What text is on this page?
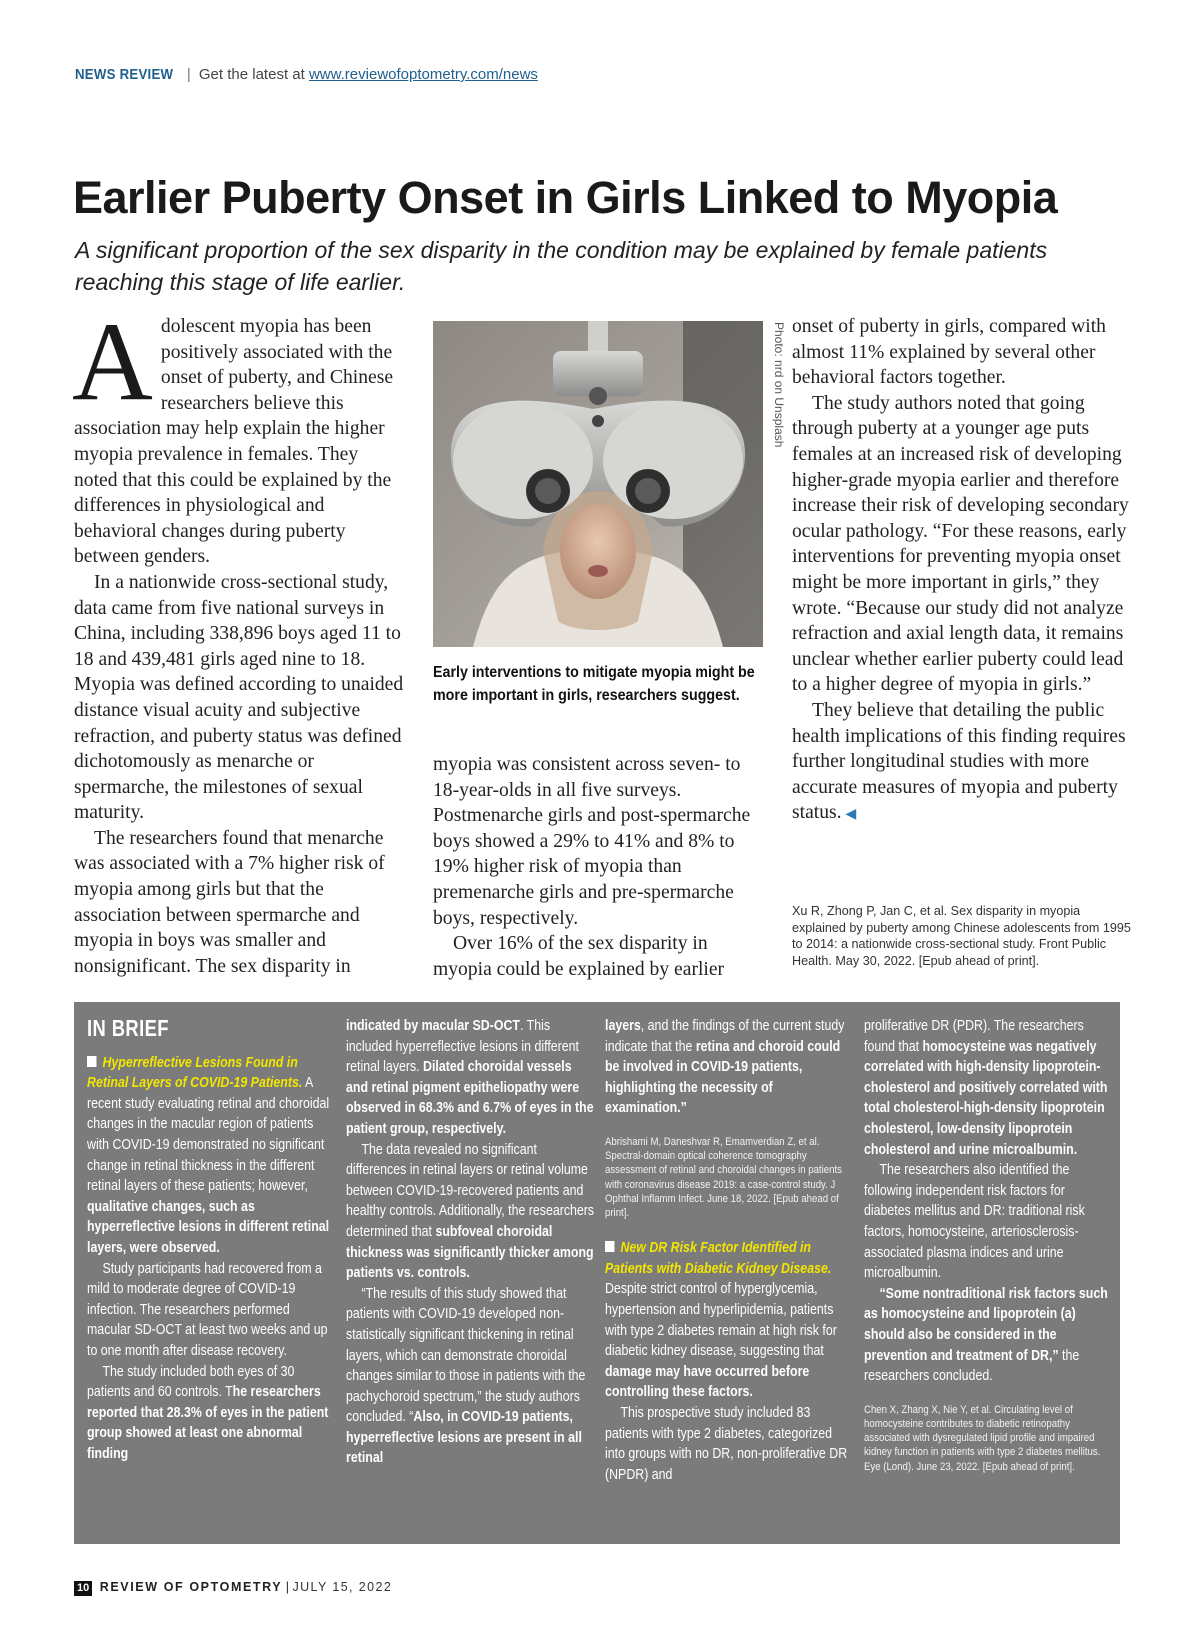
NEWS REVIEW | Get the latest at www.reviewofoptometry.com/news
Earlier Puberty Onset in Girls Linked to Myopia

A significant proportion of the sex disparity in the condition may be explained by female patients reaching this stage of life earlier.

Adolescent myopia has been positively associated with the onset of puberty, and Chinese researchers believe this association may help explain the higher myopia prevalence in females. They noted that this could be explained by the differences in physiological and behavioral changes during puberty between genders.

In a nationwide cross-sectional study, data came from five national surveys in China, including 338,896 boys aged 11 to 18 and 439,481 girls aged nine to 18. Myopia was defined according to unaided distance visual acuity and subjective refraction, and puberty status was defined dichotomously as menarche or spermarche, the milestones of sexual maturity.

The researchers found that menarche was associated with a 7% higher risk of myopia among girls but that the association between spermarche and myopia in boys was smaller and nonsignificant. The sex disparity in

Photo: nrd on Unsplash

Early interventions to mitigate myopia might be more important in girls, researchers suggest.

myopia was consistent across seven- to 18-year-olds in all five surveys. Postmenarche girls and post-spermarche boys showed a 29% to 41% and 8% to 19% higher risk of myopia than premenarche girls and pre-spermarche boys, respectively.

Over 16% of the sex disparity in myopia could be explained by earlier

onset of puberty in girls, compared with almost 11% explained by several other behavioral factors together.

The study authors noted that going through puberty at a younger age puts females at an increased risk of developing higher-grade myopia earlier and therefore increase their risk of developing secondary ocular pathology. “For these reasons, early interventions for preventing myopia onset might be more important in girls,” they wrote. “Because our study did not analyze refraction and axial length data, it remains unclear whether earlier puberty could lead to a higher degree of myopia in girls.”

They believe that detailing the public health implications of this finding requires further longitudinal studies with more accurate measures of myopia and puberty status. ◀

Xu R, Zhong P, Jan C, et al. Sex disparity in myopia explained by puberty among Chinese adolescents from 1995 to 2014: a nationwide cross-sectional study. Front Public Health. May 30, 2022. [Epub ahead of print].
IN BRIEF

Hyperreflective Lesions Found in Retinal Layers of COVID-19 Patients. A recent study evaluating retinal and choroidal changes in the macular region of patients with COVID-19 demonstrated no significant change in retinal thickness in the different retinal layers of these patients; however, qualitative changes, such as hyperreflective lesions in different retinal layers, were observed.

Study participants had recovered from a mild to moderate degree of COVID-19 infection. The researchers performed macular SD-OCT at least two weeks and up to one month after disease recovery.

The study included both eyes of 30 patients and 60 controls. The researchers reported that 28.3% of eyes in the patient group showed at least one abnormal finding

indicated by macular SD-OCT. This included hyperreflective lesions in different retinal layers. Dilated choroidal vessels and retinal pigment epitheliopathy were observed in 68.3% and 6.7% of eyes in the patient group, respectively.

The data revealed no significant differences in retinal layers or retinal volume between COVID-19-recovered patients and healthy controls. Additionally, the researchers determined that subfoveal choroidal thickness was significantly thicker among patients vs. controls.

“The results of this study showed that patients with COVID-19 developed non-statistically significant thickening in retinal layers, which can demonstrate choroidal changes similar to those in patients with the pachychoroid spectrum,” the study authors concluded. “Also, in COVID-19 patients, hyperreflective lesions are present in all retinal

layers, and the findings of the current study indicate that the retina and choroid could be involved in COVID-19 patients, highlighting the necessity of examination.”

Abrishami M, Daneshvar R, Emamverdian Z, et al. Spectral-domain optical coherence tomography assessment of retinal and choroidal changes in patients with coronavirus disease 2019: a case-control study. J Ophthal Inflamm Infect. June 18, 2022. [Epub ahead of print].

New DR Risk Factor Identified in Patients with Diabetic Kidney Disease. Despite strict control of hyperglycemia, hypertension and hyperlipidemia, patients with type 2 diabetes remain at high risk for diabetic kidney disease, suggesting that damage may have occurred before controlling these factors.

This prospective study included 83 patients with type 2 diabetes, categorized into groups with no DR, non-proliferative DR (NPDR) and

proliferative DR (PDR). The researchers found that homocysteine was negatively correlated with high-density lipoprotein-cholesterol and positively correlated with total cholesterol-high-density lipoprotein cholesterol, low-density lipoprotein cholesterol and urine microalbumin.

The researchers also identified the following independent risk factors for diabetes mellitus and DR: traditional risk factors, homocysteine, arteriosclerosis-associated plasma indices and urine microalbumin.

“Some nontraditional risk factors such as homocysteine and lipoprotein (a) should also be considered in the prevention and treatment of DR,” the researchers concluded.

Chen X, Zhang X, Nie Y, et al. Circulating level of homocysteine contributes to diabetic retinopathy associated with dysregulated lipid profile and impaired kidney function in patients with type 2 diabetes mellitus. Eye (Lond). June 23, 2022. [Epub ahead of print].

10 REVIEW OF OPTOMETRY | JULY 15, 2022
